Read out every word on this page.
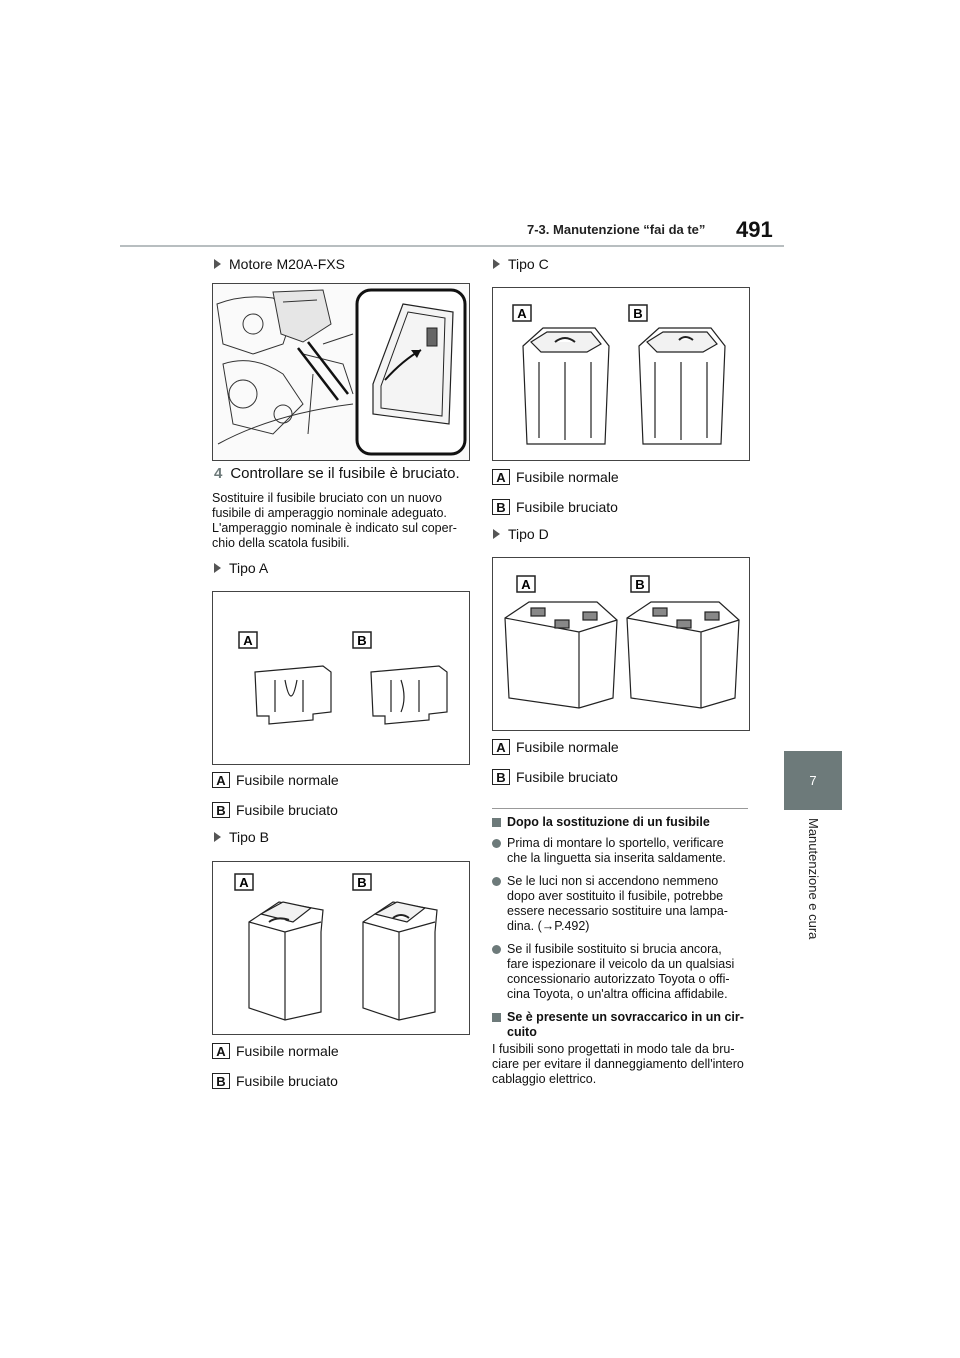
7-3. Manutenzione “fai da te” 491
7
Manutenzione e cura
Motore M20A-FXS
4 Controllare se il fusibile è bruciato.
Sostituire il fusibile bruciato con un nuovo
fusibile di amperaggio nominale adeguato.
L'amperaggio nominale è indicato sul coper-
chio della scatola fusibili.
Tipo A
A	B
A Fusibile normale
B Fusibile bruciato
Tipo B
A	B
A Fusibile normale
B Fusibile bruciato
Tipo C
A	B
A Fusibile normale
B Fusibile bruciato
Tipo D
A	B
A Fusibile normale
B Fusibile bruciato
Dopo la sostituzione di un fusibile
Prima di montare lo sportello, verificare
che la linguetta sia inserita saldamente.
Se le luci non si accendono nemmeno
dopo aver sostituito il fusibile, potrebbe
essere necessario sostituire una lampa-
dina. (→P.492)
Se il fusibile sostituito si brucia ancora,
fare ispezionare il veicolo da un qualsiasi
concessionario autorizzato Toyota o offi-
cina Toyota, o un'altra officina affidabile.
Se è presente un sovraccarico in un cir-
cuito
I fusibili sono progettati in modo tale da bru-
ciare per evitare il danneggiamento dell'intero
cablaggio elettrico.
